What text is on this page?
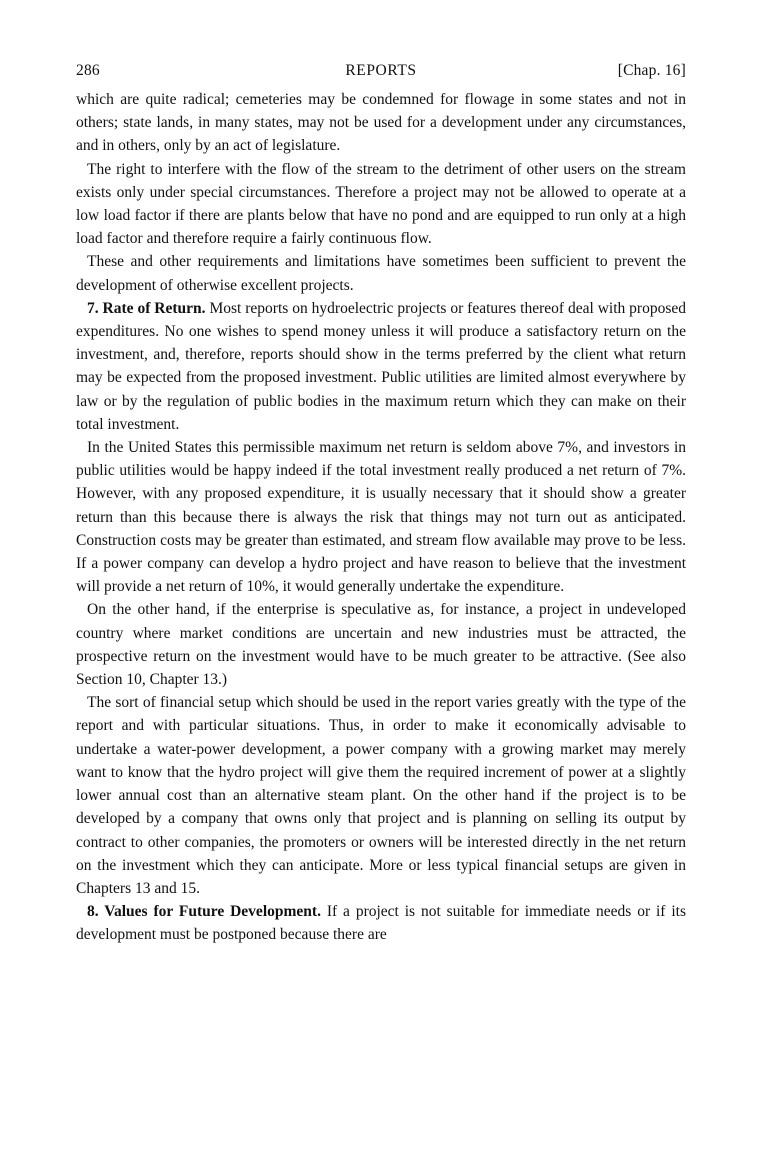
286	REPORTS	[Chap. 16]

which are quite radical; cemeteries may be condemned for flowage in some states and not in others; state lands, in many states, may not be used for a development under any circumstances, and in others, only by an act of legislature.

The right to interfere with the flow of the stream to the detriment of other users on the stream exists only under special circumstances. Therefore a project may not be allowed to operate at a low load factor if there are plants below that have no pond and are equipped to run only at a high load factor and therefore require a fairly continuous flow.

These and other requirements and limitations have sometimes been sufficient to prevent the development of otherwise excellent projects.

7. Rate of Return. Most reports on hydroelectric projects or features thereof deal with proposed expenditures. No one wishes to spend money unless it will produce a satisfactory return on the investment, and, therefore, reports should show in the terms preferred by the client what return may be expected from the proposed investment. Public utilities are limited almost everywhere by law or by the regulation of public bodies in the maximum return which they can make on their total investment.

In the United States this permissible maximum net return is seldom above 7%, and investors in public utilities would be happy indeed if the total investment really produced a net return of 7%. However, with any proposed expenditure, it is usually necessary that it should show a greater return than this because there is always the risk that things may not turn out as anticipated. Construction costs may be greater than estimated, and stream flow available may prove to be less. If a power company can develop a hydro project and have reason to believe that the investment will provide a net return of 10%, it would generally undertake the expenditure.

On the other hand, if the enterprise is speculative as, for instance, a project in undeveloped country where market conditions are uncertain and new industries must be attracted, the prospective return on the investment would have to be much greater to be attractive. (See also Section 10, Chapter 13.)

The sort of financial setup which should be used in the report varies greatly with the type of the report and with particular situations. Thus, in order to make it economically advisable to undertake a water-power development, a power company with a growing market may merely want to know that the hydro project will give them the required increment of power at a slightly lower annual cost than an alternative steam plant. On the other hand if the project is to be developed by a company that owns only that project and is planning on selling its output by contract to other companies, the promoters or owners will be interested directly in the net return on the investment which they can anticipate. More or less typical financial setups are given in Chapters 13 and 15.

8. Values for Future Development. If a project is not suitable for immediate needs or if its development must be postponed because there are
